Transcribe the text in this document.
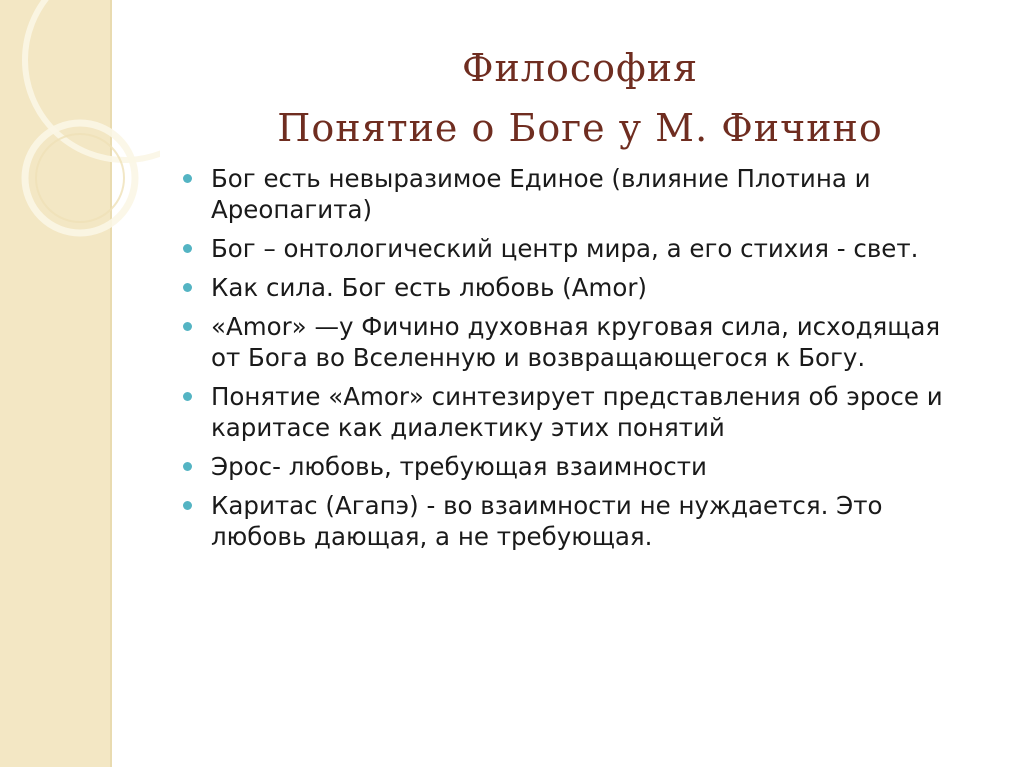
Философия
Понятие о Боге у М. Фичино
Бог есть невыразимое Единое (влияние Плотина и Ареопагита)
Бог – онтологический центр мира, а его стихия - свет.
Как сила. Бог есть любовь (Amor)
«Amor» —у Фичино духовная круговая сила, исходящая от Бога во Вселенную и возвращающегося к Богу.
Понятие «Amor» синтезирует представления об эросе и каритасе как диалектику этих понятий
Эрос- любовь, требующая взаимности
Каритас (Агапэ) - во взаимности не нуждается. Это любовь дающая, а не требующая.
